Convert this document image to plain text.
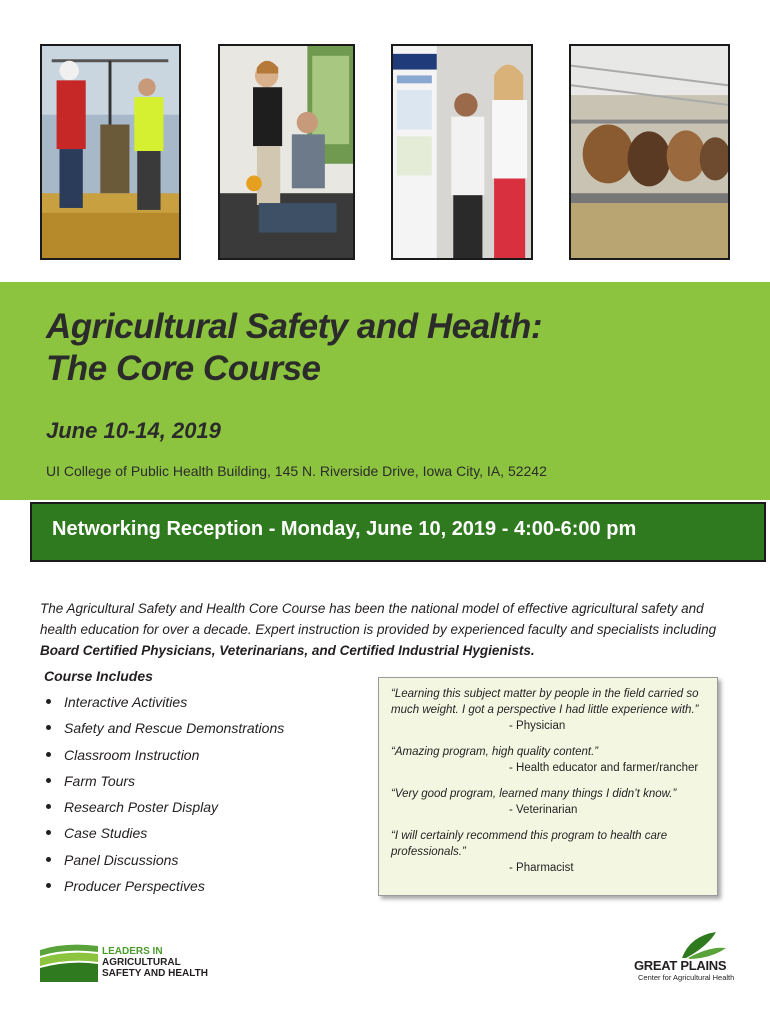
Agricultural Safety and Health:
The Core Course
June 10-14, 2019
UI College of Public Health Building, 145 N. Riverside Drive, Iowa City, IA, 52242
Networking Reception - Monday, June 10, 2019 - 4:00-6:00 pm

The Agricultural Safety and Health Core Course has been the national model of effective agricultural safety and health education for over a decade. Expert instruction is provided by experienced faculty and specialists including Board Certified Physicians, Veterinarians, and Certified Industrial Hygienists.

Course Includes
Interactive Activities
Safety and Rescue Demonstrations
Classroom Instruction
Farm Tours
Research Poster Display
Case Studies
Panel Discussions
Producer Perspectives

“Learning this subject matter by people in the field carried so much weight. I got a perspective I had little experience with.”

- Physician

“Amazing program, high quality content.”

- Health educator and farmer/rancher

“Very good program, learned many things I didn’t know.”

- Veterinarian

“I will certainly recommend this program to health care professionals.”

- Pharmacist

LEADERS IN
AGRICULTURAL
SAFETY AND HEALTH
GREAT PLAINS
Center for Agricultural Health
